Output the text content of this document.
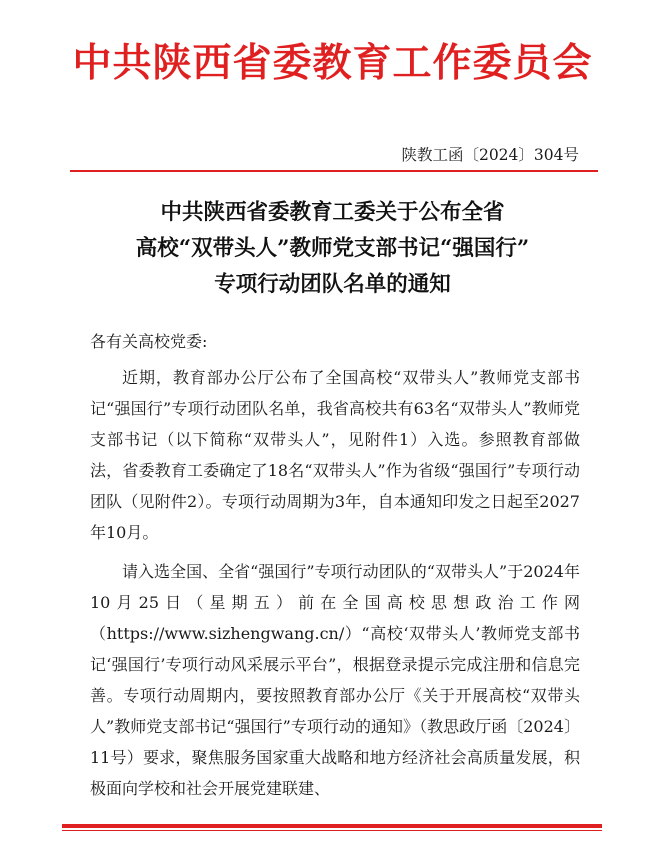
中共陕西省委教育工作委员会
陕教工函〔2024〕304号
中共陕西省委教育工委关于公布全省
高校“双带头人”教师党支部书记“强国行”
专项行动团队名单的通知
各有关高校党委:

近期，教育部办公厅公布了全国高校“双带头人”教师党支部书记“强国行”专项行动团队名单，我省高校共有63名“双带头人”教师党支部书记（以下简称“双带头人”，见附件1）入选。参照教育部做法，省委教育工委确定了18名“双带头人”作为省级“强国行”专项行动团队（见附件2）。专项行动周期为3年，自本通知印发之日起至2027年10月。

请入选全国、全省“强国行”专项行动团队的“双带头人”于2024年10月25日（星期五）前在全国高校思想政治工作网（https://www.sizhengwang.cn/）“高校‘双带头人’教师党支部书记‘强国行’专项行动风采展示平台”，根据登录提示完成注册和信息完善。专项行动周期内，要按照教育部办公厅《关于开展高校“双带头人”教师党支部书记“强国行”专项行动的通知》（教思政厅函〔2024〕11号）要求，聚焦服务国家重大战略和地方经济社会高质量发展，积极面向学校和社会开展党建联建、
